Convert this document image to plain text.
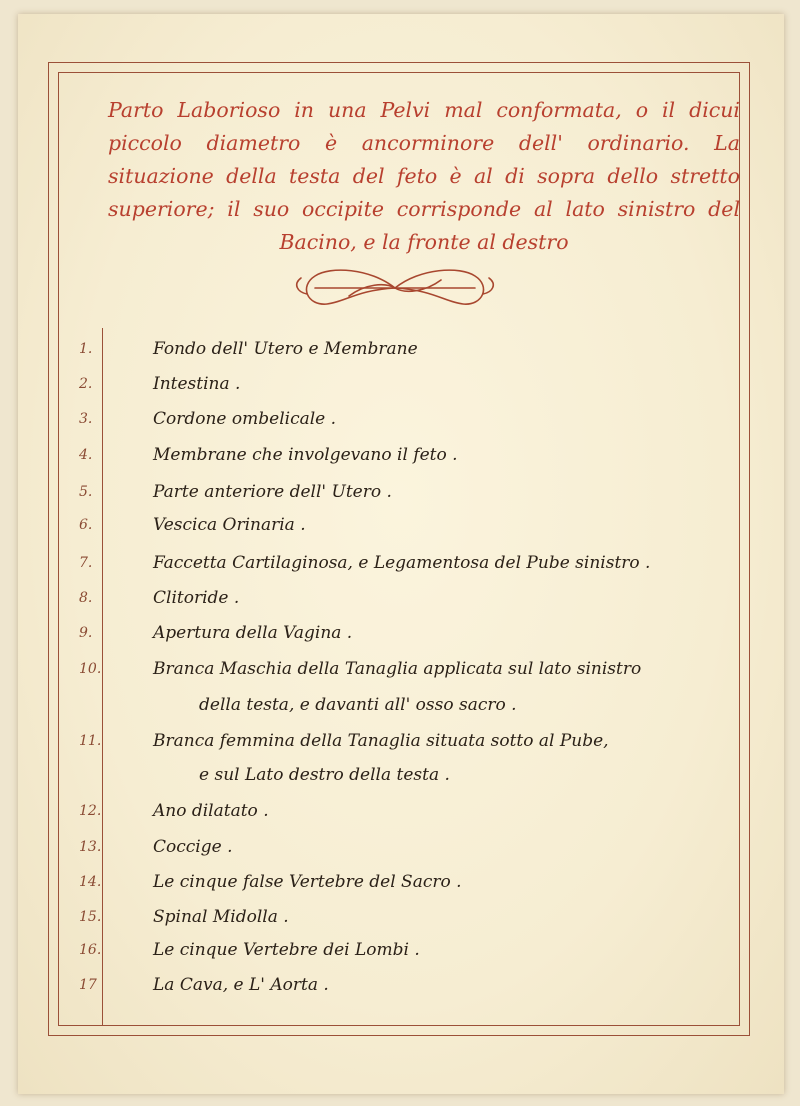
Parto Laborioso in una Pelvi mal conformata, o il dicui piccolo diametro è ancorminore dell' ordinario. La situazione della testa del feto è al di sopra dello stretto superiore; il suo occipite corrisponde al lato sinistro del Bacino, e la fronte al destro

1.	Fondo dell' Utero e Membrane
2.	Intestina .
3.	Cordone ombelicale .
4.	Membrane che involgevano il feto .
5.	Parte anteriore dell' Utero .
6.	Vescica Orinaria .
7.	Faccetta Cartilaginosa, e Legamentosa del Pube sinistro .
8.	Clitoride .
9.	Apertura della Vagina .
10.	Branca Maschia della Tanaglia applicata sul lato sinistro
della testa, e davanti all' osso sacro .
11.	Branca femmina della Tanaglia situata sotto al Pube,
e sul Lato destro della testa .
12.	Ano dilatato .
13.	Coccige .
14.	Le cinque false Vertebre del Sacro .
15.	Spinal Midolla .
16.	Le cinque Vertebre dei Lombi .
17	La Cava, e L' Aorta .
